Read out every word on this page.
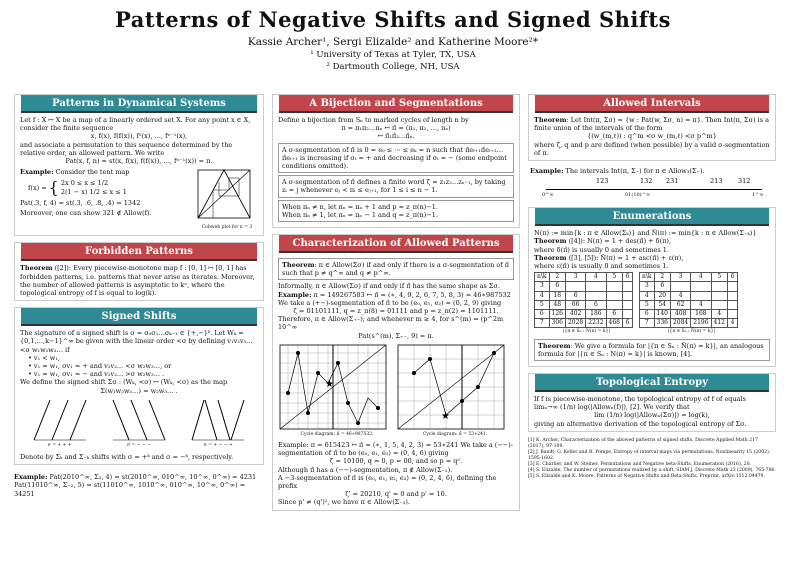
Patterns of Negative Shifts and Signed Shifts
Kassie Archer¹, Sergi Elizalde² and Katherine Moore²*
¹ University of Texas at Tyler, TX, USA
² Dartmouth College, NH, USA
Patterns in Dynamical Systems
Let f : X ↦ X be a map of a linearly ordered set X. For any point x ∈ X, consider the finite sequence
x, f(x), f(f(x)), f²(x), …, fⁿ⁻¹(x),
and associate a permutation to this sequence determined by the relative order, an allowed pattern. We write
Pat(x, f, n) = st(x, f(x), f(f(x)), …, fⁿ⁻¹(x)) = π.
Example: Consider the tent map
f(x) = { 2x 0 ≤ x ≤ 1/2
2(1 − x) 1/2 ≤ x ≤ 1
Pat(.3, f, 4) = st(.3, .6, .8, .4) = 1342
Moreover, one can show 321 ∉ Allow(f).
Cobweb plot for π = 3
Forbidden Patterns
Theorem ([2]): Every piecewise-monotone map f : [0, 1] ↦ [0, 1] has forbidden patterns, i.e. patterns that never arise as iterates. Moreover, the number of allowed patterns is asymptotic to kⁿ, where the topological entropy of f is equal to log(k).
Signed Shifts
The signature of a signed shift is σ = σ₀σ₁…σₖ₋₁ ∈ {+,−}ᵏ. Let Wₖ = {0,1,…,k−1}^∞ be given with the linear order <σ by defining v₁v₂v₃… <σ w₁w₂w₃… if
• v₁ < w₁,
• v₁ = w₁, σv₁ = + and v₂v₃… <σ w₂w₃…, or
• v₁ = w₁, σv₁ = − and v₂v₃… >σ w₂w₃… .
We define the signed shift Σσ : (Wₖ, <σ) ↦ (Wₖ, <σ) as the map
Σ(w₁w₂w₃…) = w₂w₃… .
σ = + + +	σ = − − −	σ = + − − +
Denote by Σₖ and Σ₋ₖ shifts with σ = +ᵏ and σ = −ᵏ, respectively.
Example: Pat(2010^∞, Σ₃, 4) = st(2010^∞, 010^∞, 10^∞, 0^∞) = 4231
Pat(11010^∞, Σ₋₂, 5) = st(11010^∞, 1010^∞, 010^∞, 10^∞, 0^∞) = 34251
A Bijection and Segmentations
Define a bijection from Sₙ to marked cycles of length n by
π = π₁π₂…πₙ ↦ π̂ = (π₁, π₂, …, πₙ)
↦ π̂₁π̂₂…π̂ₙ.
A σ-segmentation of π̂ is 0 = e₀ ≤ ⋯ ≤ eₖ = n such that π̂eₜ₊₁π̂eₜ₊₂…π̂eₜ₊₁ is increasing if σₜ = + and decreasing if σₜ = − (some endpoint conditions omitted).
A σ-segmentation of π̂ defines a finite word ζ = z₁z₂…zₙ₋₁, by taking zᵢ = j whenever eⱼ < πᵢ ≤ eⱼ₊₁, for 1 ≤ i ≤ n − 1.
When πₙ ≠ n, let πₙ = πₙ + 1 and p = z_π(n)−1.
When πₙ ≠ 1, let πₙ = πₙ − 1 and q = z_π(n)−1.
Characterization of Allowed Patterns
Theorem: π ∈ Allow(Σσ) if and only if there is a σ-segmentation of π̂ such that p ≠ q^∞ and q ≠ p^∞.
Informally, π ∈ Allow(Σσ) if and only if π̂ has the same shape as Σσ.
Example: π = 149267583 ↦ π̂ = (∗, 4, 9, 2, 6, 7, 5, 8, 3) = 46∗987532
We take a (+−)-segmentation of π̂ to be (e₀, e₁, e₂) = (0, 2, 9) giving
ζ = 01101111, q = z_π(8) = 01111 and p = z_π(2) = 1101111.
Therefore, π ∈ Allow(Σ₊₋); and whenever m ≥ 4, for s^(m) = (p^2m 10^∞
Pat(s^(m), Σ₊₋, 9) = π.
★
Cycle diagram: π̂ = 46∗987532.
★
Cycle diagram: π̂ = 53∗241.
Example: π = 615423 ↦ π̂ = (∗, 1, 5, 4, 2, 3) = 53∗241 We take a (−−)-segmentation of π̂ to be (e₀, e₁, e₂) = (0, 4, 6) giving
ζ = 10100, q = 0, p = 00, and so p = q².
Although π̂ has a (−−)-segmentation, π ∉ Allow(Σ₋₂).
A −3-segmentation of π̂ is (e₀, e₁, e₂, e₃) = (0, 2, 4, 6), defining the prefix
ζ' = 20210, q' = 0 and p' = 10.
Since p' ≠ (q')², we have π ∈ Allow(Σ₋₃).
Allowed Intervals
Theorem: Let Int(π, Σσ) = {w : Pat(w, Σσ, n) = π}. Then Int(π, Σσ) is a finite union of the intervals of the form
{(w_(m,ℓ)) : q^m <σ w_(m,ℓ) <σ p^m}
where ζ, q and p are defined (when possible) by a valid σ-segmentation of π.
Example: The intervals Int(π, Σ₋) for π ∈ Allow₃(Σ₋).
123	132 231	213 312
0^∞	01(10)^∞	1^∞
Enumerations
N(π) := min{k : π ∈ Allow(Σₖ)} and N̄(π) := min{k : π ∈ Allow(Σ₋ₖ)}
Theorem ([4]): N(π) = 1 + des(π̂) + δ(π),
where δ(π̂) is usually 0 and sometimes 1.
Theorem ([3], [5]): N̄(π) = 1 + asc(π̂) + ε(π),
where ε(π̂) is usually 0 and sometimes 1.
n\k	2	3	4	5	6
3	6				
4	18	6			
5	48	66	6		
6	126	402	186	6	
7	306	2028	2232	468	6
|{π ∈ Sₙ : N(π) = k}|
n\k	2	3	4	5	6
3	6				
4	20	4			
5	54	62	4		
6	140	408	168	4	
7	336	2084	2196	412	4
|{π ∈ Sₙ : N̄(π) = k}|
Theorem: We give a formula for |{π ∈ Sₙ : N̄(π) = k}|, an analogous formula for |{π ∈ Sₙ : N(π) = k}| is known, [4].
Topological Entropy
If f is piecewise-monotone, the topological entropy of f of equals limₙ→∞ (1/n) log(|Allowₙ(f)|), [2]. We verify that
lim (1/n) log(|Allowₙ(Σσ)|) = log(k),
giving an alternative derivation of the topological entropy of Σσ.
[1] K. Archer, Characterization of the allowed patterns of signed shifts, Discrete Applied Math 217 (2017), 97-109.
[2] J. Bandt, G. Keller and B. Pompe, Entropy of interval maps via permutations, Nonlinearity 15 (2002), 1595-1602.
[3] E. Charlier, and W. Steiner, Permutations and Negative beta-Shifts, Enumeration (2016), 20.
[4] S. Elizalde, The number of permutations realized by a shift, SIAM J. Discrete Math 23 (2009), 765-786.
[5] S. Elizalde and K. Moore, Patterns of Negative Shifts and Beta-Shifts, Preprint, arXiv:1512.04479.
